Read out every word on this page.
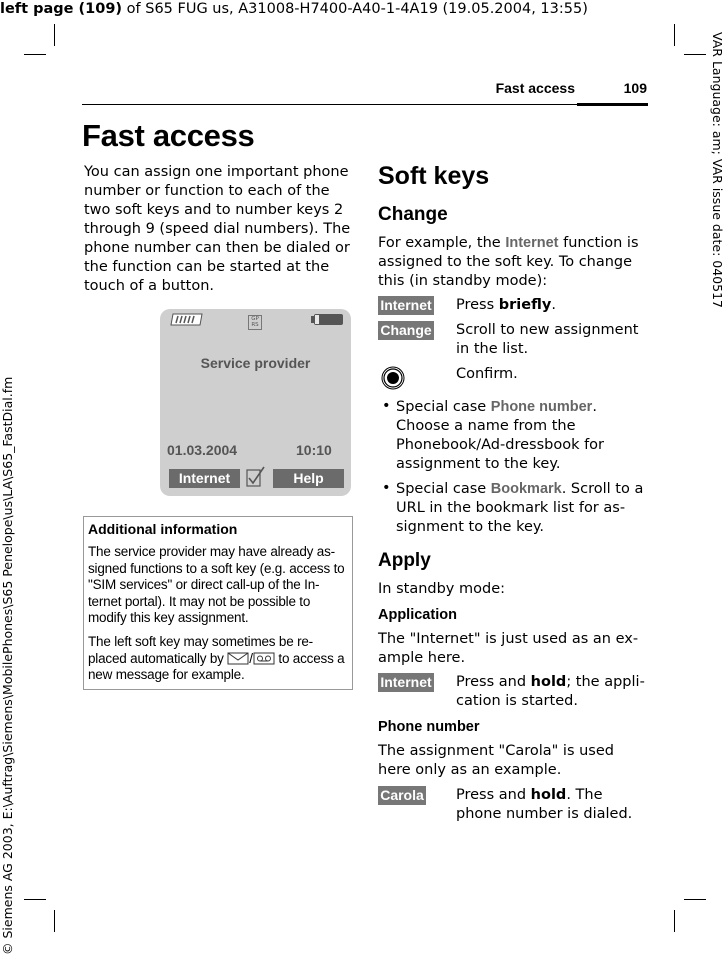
left page (109) of S65 FUG us, A31008-H7400-A40-1-4A19 (19.05.2004, 13:55)
VAR Language: am; VAR issue date: 040517
© Siemens AG 2003, E:\Auftrag\Siemens\MobilePhones\S65 Penelope\us\LA\S65_FastDial.fm
Fast access	109
Fast access
You can assign one important phone number or function to each of the two soft keys and to number keys 2 through 9 (speed dial numbers). The phone number can then be dialed or the function can be started at the touch of a button.
GP
RS
Service provider
01.03.2004	10:10
Internet	Help
Additional information
The service provider may have already as-signed functions to a soft key (e.g. access to "SIM services" or direct call-up of the In-ternet portal). It may not be possible to modify this key assignment.
The left soft key may sometimes be re-placed automatically by / to access a new message for example.
Soft keys
Change
For example, the Internet function is assigned to the soft key. To change this (in standby mode):
Internet Press briefly.
Change Scroll to new assignment in the list.
Confirm.
• Special case Phone number. Choose a name from the Phonebook/Ad-dressbook for assignment to the key.
• Special case Bookmark. Scroll to a URL in the bookmark list for as-signment to the key.
Apply
In standby mode:
Application
The "Internet" is just used as an ex-ample here.
Internet Press and hold; the appli-cation is started.
Phone number
The assignment "Carola" is used here only as an example.
Carola Press and hold. The phone number is dialed.
